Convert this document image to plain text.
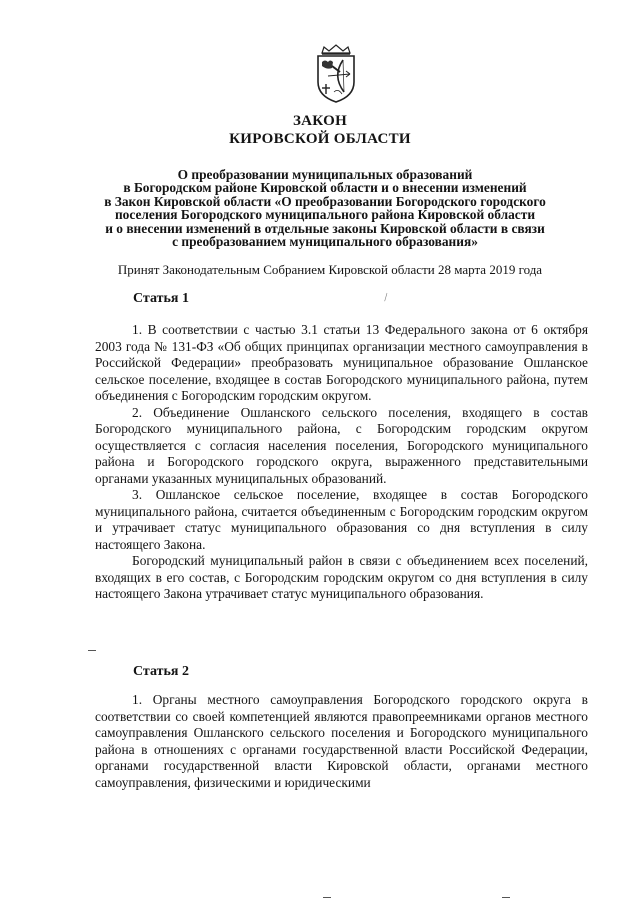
ЗАКОН
КИРОВСКОЙ ОБЛАСТИ
О преобразовании муниципальных образований
в Богородском районе Кировской области и о внесении изменений
в Закон Кировской области «О преобразовании Богородского городского
поселения Богородского муниципального района Кировской области
и о внесении изменений в отдельные законы Кировской области в связи
с преобразованием муниципального образования»
Принят Законодательным Собранием Кировской области 28 марта 2019 года
\
Статья 1

1. В соответствии с частью 3.1 статьи 13 Федерального закона от 6 октября 2003 года № 131-ФЗ «Об общих принципах организации местного самоуправления в Российской Федерации» преобразовать муниципальное образование Ошланское сельское поселение, входящее в состав Богородского муниципального района, путем объединения с Богородским городским округом.

2. Объединение Ошланского сельского поселения, входящего в состав Богородского муниципального района, с Богородским городским округом осуществляется с согласия населения поселения, Богородского муниципального района и Богородского городского округа, выраженного представительными органами указанных муниципальных образований.

3. Ошланское сельское поселение, входящее в состав Богородского муниципального района, считается объединенным с Богородским городским округом и утрачивает статус муниципального образования со дня вступления в силу настоящего Закона.

Богородский муниципальный район в связи с объединением всех поселений, входящих в его состав, с Богородским городским округом со дня вступления в силу настоящего Закона утрачивает статус муниципального образования.

Статья 2

1. Органы местного самоуправления Богородского городского округа в соответствии со своей компетенцией являются правопреемниками органов местного самоуправления Ошланского сельского поселения и Богородского муниципального района в отношениях с органами государственной власти Российской Федерации, органами государственной власти Кировской области, органами местного самоуправления, физическими и юридическими
